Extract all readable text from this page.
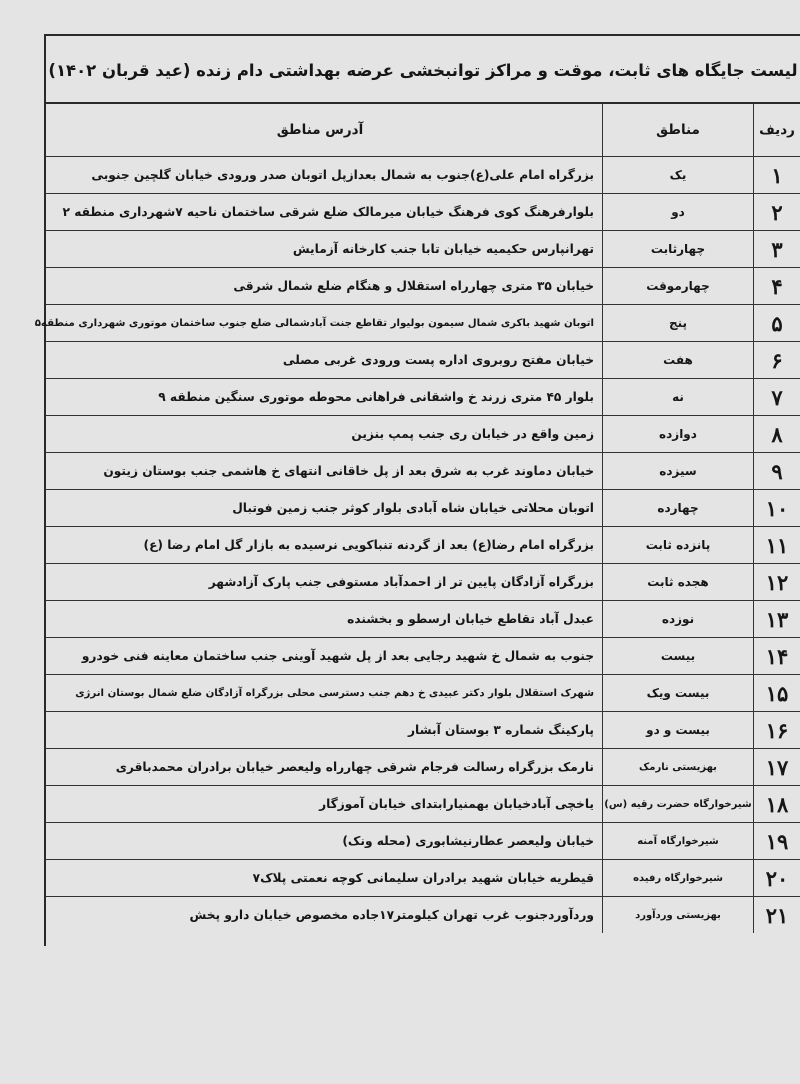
لیست جایگاه های ثابت، موقت و مراکز توانبخشی عرضه بهداشتی دام زنده (عید قربان ۱۴۰۲)
ردیف	مناطق	آدرس مناطق
۱	یک	بزرگراه امام علی(ع)جنوب به شمال بعدازپل اتوبان صدر ورودی خیابان گلچین جنوبی
۲	دو	بلوارفرهنگ کوی فرهنگ خیابان میرمالک ضلع شرقی ساختمان ناحیه ۷شهرداری منطقه ۲
۳	چهارثابت	تهرانپارس حکیمیه خیابان تابا جنب کارخانه آزمایش
۴	چهارموقت	خیابان ۳۵ متری چهارراه استقلال و هنگام ضلع شمال شرقی
۵	پنج	اتوبان شهید باکری شمال سیمون بولیوار تقاطع جنت آبادشمالی ضلع جنوب ساختمان موتوری شهرداری منطقه۵
۶	هفت	خیابان مفتح روبروی اداره پست ورودی غربی مصلی
۷	نه	بلوار ۴۵ متری زرند خ واشقانی فراهانی محوطه موتوری سنگین منطقه ۹
۸	دوازده	زمین واقع در خیابان ری جنب پمپ بنزین
۹	سیزده	خیابان دماوند غرب به شرق بعد از پل خاقانی انتهای خ هاشمی جنب بوستان زیتون
۱۰	چهارده	اتوبان محلاتی خیابان شاه آبادی بلوار کوثر جنب زمین فوتبال
۱۱	پانزده ثابت	بزرگراه امام رضا(ع) بعد از گردنه تنباکویی نرسیده به بازار گل امام رضا (ع)
۱۲	هجده ثابت	بزرگراه آزادگان پایین تر از احمدآباد مستوفی جنب پارک آزادشهر
۱۳	نوزده	عبدل آباد تقاطع خیابان ارسطو و بخشنده
۱۴	بیست	جنوب به شمال خ شهید رجایی بعد از پل شهید آوینی جنب ساختمان معاینه فنی خودرو
۱۵	بیست ویک	شهرک استقلال بلوار دکتر عبیدی خ دهم جنب دسترسی محلی بزرگراه آزادگان ضلع شمال بوستان انرژی
۱۶	بیست و دو	پارکینگ شماره ۳ بوستان آبشار
۱۷	بهزیستی نارمک	نارمک بزرگراه رسالت فرجام شرقی چهارراه ولیعصر خیابان برادران محمدباقری
۱۸	شیرخوارگاه حضرت رقیه (س)	یاخچی آبادخیابان بهمنیارابتدای خیابان آموزگار
۱۹	شیرخوارگاه آمنه	خیابان ولیعصر عطارنیشابوری (محله ونک)
۲۰	شیرخوارگاه رفیده	قیطریه خیابان شهید برادران سلیمانی کوچه نعمتی پلاک۷
۲۱	بهزیستی وردآورد	وردآوردجنوب غرب تهران کیلومتر۱۷جاده مخصوص خیابان دارو پخش
